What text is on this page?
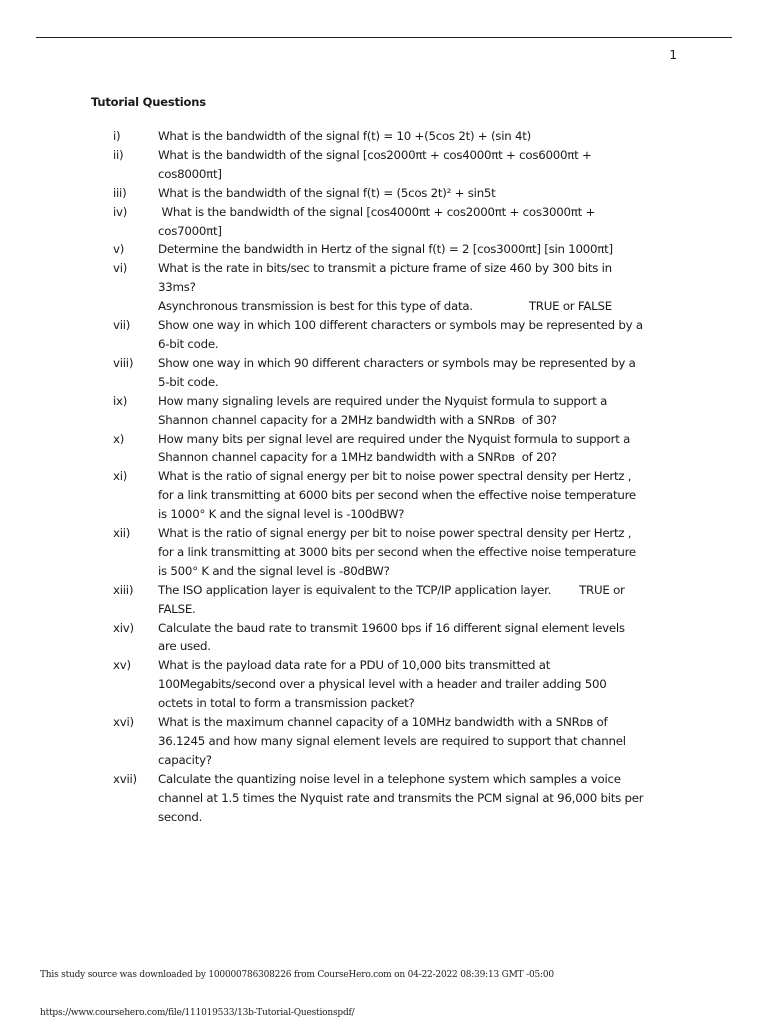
1
Tutorial Questions
i)	What is the bandwidth of the signal f(t) = 10 +(5cos 2t) + (sin 4t)
ii)	What is the bandwidth of the signal [cos2000πt + cos4000πt + cos6000πt +
cos8000πt]
iii)	What is the bandwidth of the signal f(t) = (5cos 2t)² + sin5t
iv)	What is the bandwidth of the signal [cos4000πt + cos2000πt + cos3000πt +
cos7000πt]
v)	Determine the bandwidth in Hertz of the signal f(t) = 2 [cos3000πt] [sin 1000πt]
vi)	What is the rate in bits/sec to transmit a picture frame of size 460 by 300 bits in
33ms?
Asynchronous transmission is best for this type of data.                TRUE or FALSE
vii)	Show one way in which 100 different characters or symbols may be represented by a
6-bit code.
viii)	Show one way in which 90 different characters or symbols may be represented by a
5-bit code.
ix)	How many signaling levels are required under the Nyquist formula to support a
Shannon channel capacity for a 2MHz bandwidth with a SNRᴅʙ  of 30?
x)	How many bits per signal level are required under the Nyquist formula to support a
Shannon channel capacity for a 1MHz bandwidth with a SNRᴅʙ  of 20?
xi)	What is the ratio of signal energy per bit to noise power spectral density per Hertz ,
for a link transmitting at 6000 bits per second when the effective noise temperature
is 1000° K and the signal level is -100dBW?
xii)	What is the ratio of signal energy per bit to noise power spectral density per Hertz ,
for a link transmitting at 3000 bits per second when the effective noise temperature
is 500° K and the signal level is -80dBW?
xiii)	The ISO application layer is equivalent to the TCP/IP application layer.        TRUE or
FALSE.
xiv)	Calculate the baud rate to transmit 19600 bps if 16 different signal element levels
are used.
xv)	What is the payload data rate for a PDU of 10,000 bits transmitted at
100Megabits/second over a physical level with a header and trailer adding 500
octets in total to form a transmission packet?
xvi)	What is the maximum channel capacity of a 10MHz bandwidth with a SNRᴅʙ of
36.1245 and how many signal element levels are required to support that channel
capacity?
xvii)	Calculate the quantizing noise level in a telephone system which samples a voice
channel at 1.5 times the Nyquist rate and transmits the PCM signal at 96,000 bits per
second.
This study source was downloaded by 100000786308226 from CourseHero.com on 04-22-2022 08:39:13 GMT -05:00
https://www.coursehero.com/file/111019533/13b-Tutorial-Questionspdf/
